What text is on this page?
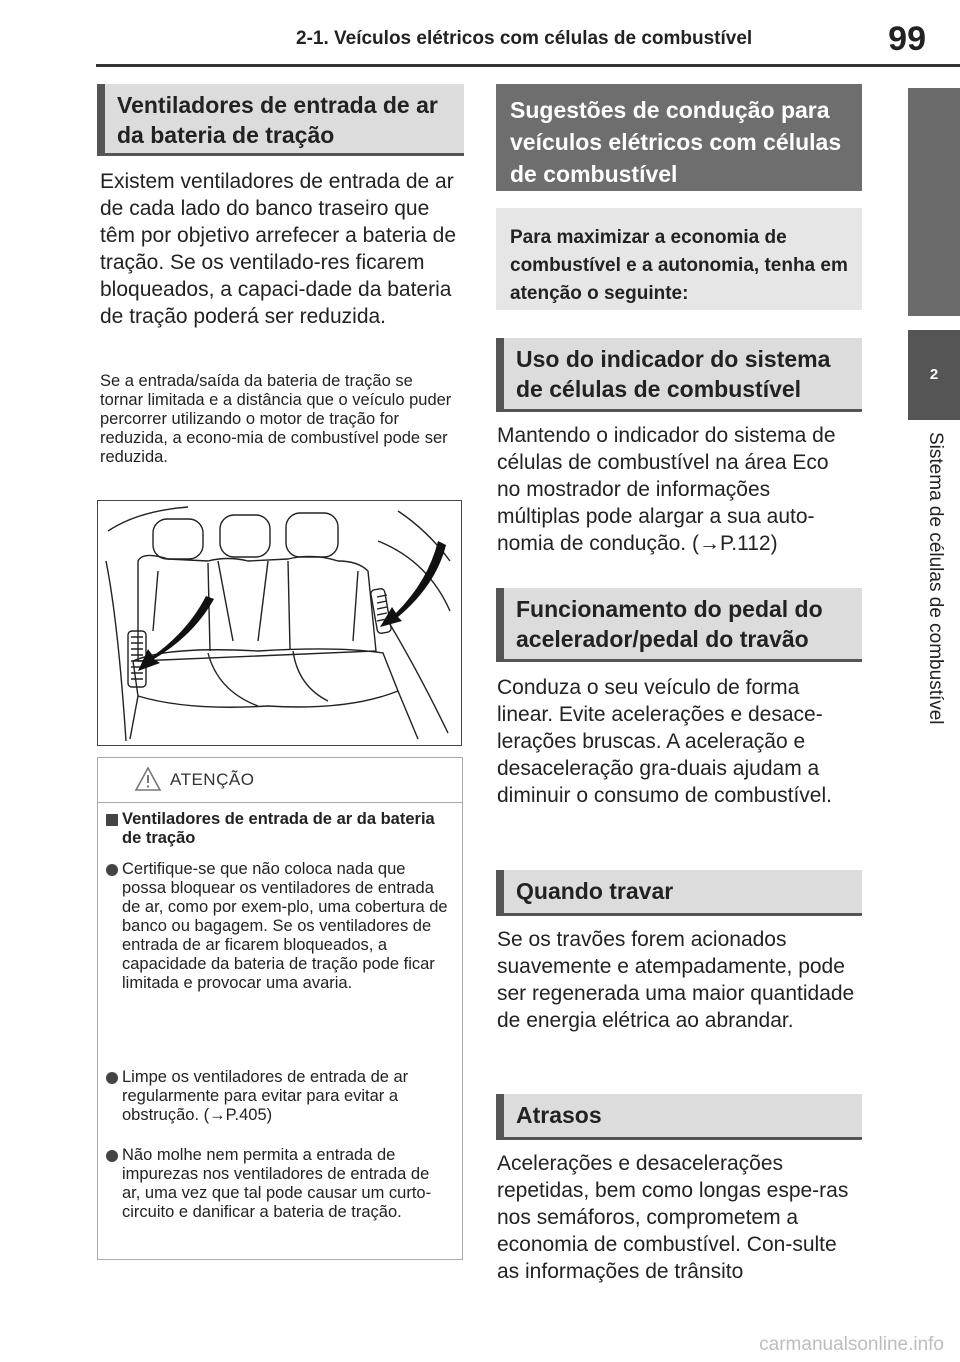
2-1. Veículos elétricos com células de combustível	99
2
Sistema de células de combustível
Ventiladores de entrada de ar da bateria de tração
Existem ventiladores de entrada de ar de cada lado do banco traseiro que têm por objetivo arrefecer a bateria de tração. Se os ventilado-res ficarem bloqueados, a capaci-dade da bateria de tração poderá ser reduzida.
Se a entrada/saída da bateria de tração se tornar limitada e a distância que o veículo puder percorrer utilizando o motor de tração for reduzida, a econo-mia de combustível pode ser reduzida.
ATENÇÃO
Ventiladores de entrada de ar da bateria de tração
Certifique-se que não coloca nada que possa bloquear os ventiladores de entrada de ar, como por exem-plo, uma cobertura de banco ou bagagem. Se os ventiladores de entrada de ar ficarem bloqueados, a capacidade da bateria de tração pode ficar limitada e provocar uma avaria.
Limpe os ventiladores de entrada de ar regularmente para evitar para evitar a obstrução. (→P.405)
Não molhe nem permita a entrada de impurezas nos ventiladores de entrada de ar, uma vez que tal pode causar um curto-circuito e danificar a bateria de tração.
Sugestões de condução para veículos elétricos com células de combustível
Para maximizar a economia de combustível e a autonomia, tenha em atenção o seguinte:
Uso do indicador do sistema de células de combustível
Mantendo o indicador do sistema de células de combustível na área Eco no mostrador de informações múltiplas pode alargar a sua auto-nomia de condução. (→P.112)
Funcionamento do pedal do acelerador/pedal do travão
Conduza o seu veículo de forma linear. Evite acelerações e desace-lerações bruscas. A aceleração e desaceleração gra-duais ajudam a diminuir o consumo de combustível.
Quando travar
Se os travões forem acionados suavemente e atempadamente, pode ser regenerada uma maior quantidade de energia elétrica ao abrandar.
Atrasos
Acelerações e desacelerações repetidas, bem como longas espe-ras nos semáforos, comprometem a economia de combustível. Con-sulte as informações de trânsito
carmanualsonline.info
